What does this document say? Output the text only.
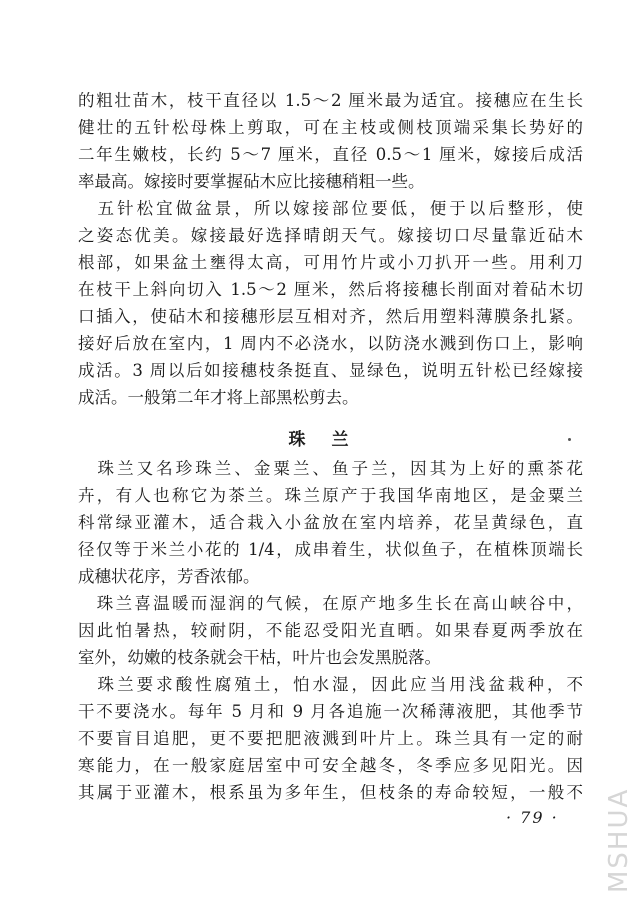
的粗壮苗木，枝干直径以 1.5～2 厘米最为适宜。接穗应在生长
健壮的五针松母株上剪取，可在主枝或侧枝顶端采集长势好的
二年生嫩枝，长约 5～7 厘米，直径 0.5～1 厘米，嫁接后成活
率最高。嫁接时要掌握砧木应比接穗稍粗一些。
　五针松宜做盆景，所以嫁接部位要低，便于以后整形，使
之姿态优美。嫁接最好选择晴朗天气。嫁接切口尽量靠近砧木
根部，如果盆土壅得太高，可用竹片或小刀扒开一些。用利刀
在枝干上斜向切入 1.5～2 厘米，然后将接穗长削面对着砧木切
口插入，使砧木和接穗形层互相对齐，然后用塑料薄膜条扎紧。
接好后放在室内，1 周内不必浇水，以防浇水溅到伤口上，影响
成活。3 周以后如接穗枝条挺直、显绿色，说明五针松已经嫁接
成活。一般第二年才将上部黑松剪去。
珠兰
　珠兰又名珍珠兰、金粟兰、鱼子兰，因其为上好的熏茶花
卉，有人也称它为茶兰。珠兰原产于我国华南地区，是金粟兰
科常绿亚灌木，适合栽入小盆放在室内培养，花呈黄绿色，直
径仅等于米兰小花的 1/4，成串着生，状似鱼子，在植株顶端长
成穗状花序，芳香浓郁。
　珠兰喜温暖而湿润的气候，在原产地多生长在高山峡谷中，
因此怕暑热，较耐阴，不能忍受阳光直晒。如果春夏两季放在
室外，幼嫩的枝条就会干枯，叶片也会发黑脱落。
　珠兰要求酸性腐殖土，怕水湿，因此应当用浅盆栽种，不
干不要浇水。每年 5 月和 9 月各追施一次稀薄液肥，其他季节
不要盲目追肥，更不要把肥液溅到叶片上。珠兰具有一定的耐
寒能力，在一般家庭居室中可安全越冬，冬季应多见阳光。因
其属于亚灌木，根系虽为多年生，但枝条的寿命较短，一般不
· 79 · MSHUA
